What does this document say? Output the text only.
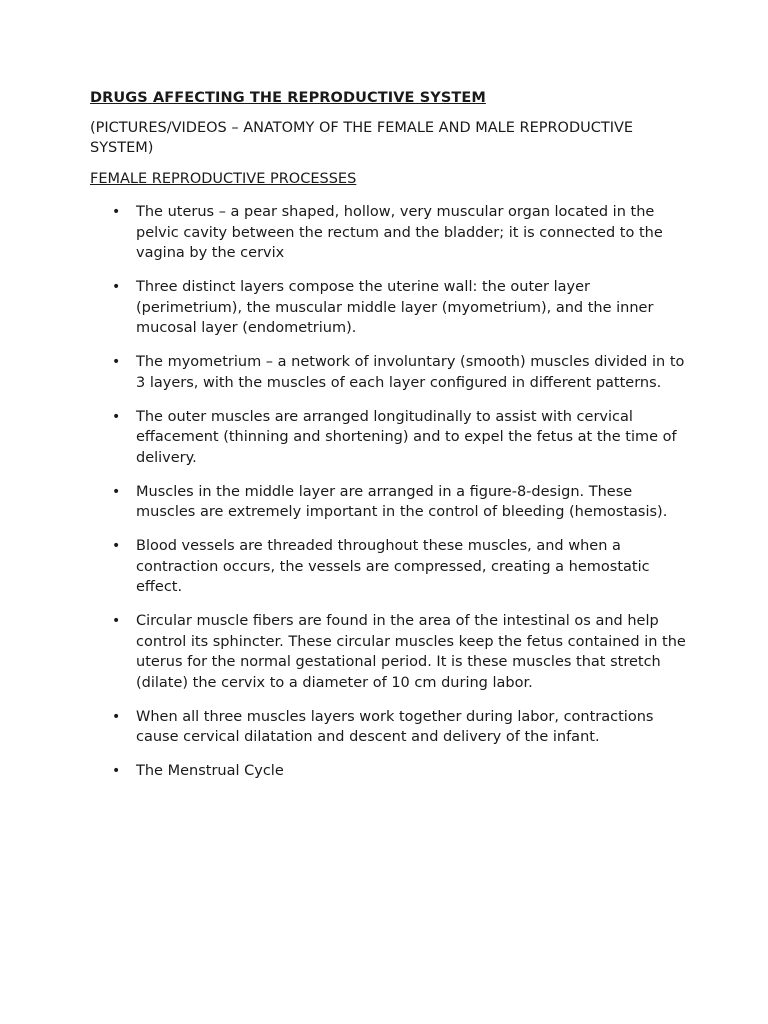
DRUGS AFFECTING THE REPRODUCTIVE SYSTEM
(PICTURES/VIDEOS – ANATOMY OF THE FEMALE AND MALE REPRODUCTIVE SYSTEM)
FEMALE REPRODUCTIVE PROCESSES
• The uterus – a pear shaped, hollow, very muscular organ located in the pelvic cavity between the rectum and the bladder; it is connected to the vagina by the cervix
• Three distinct layers compose the uterine wall: the outer layer (perimetrium), the muscular middle layer (myometrium), and the inner mucosal layer (endometrium).
• The myometrium – a network of involuntary (smooth) muscles divided in to 3 layers, with the muscles of each layer configured in different patterns.
• The outer muscles are arranged longitudinally to assist with cervical effacement (thinning and shortening) and to expel the fetus at the time of delivery.
• Muscles in the middle layer are arranged in a figure-8-design. These muscles are extremely important in the control of bleeding (hemostasis).
• Blood vessels are threaded throughout these muscles, and when a contraction occurs, the vessels are compressed, creating a hemostatic effect.
• Circular muscle fibers are found in the area of the intestinal os and help control its sphincter. These circular muscles keep the fetus contained in the uterus for the normal gestational period. It is these muscles that stretch (dilate) the cervix to a diameter of 10 cm during labor.
• When all three muscles layers work together during labor, contractions cause cervical dilatation and descent and delivery of the infant.
• The Menstrual Cycle
